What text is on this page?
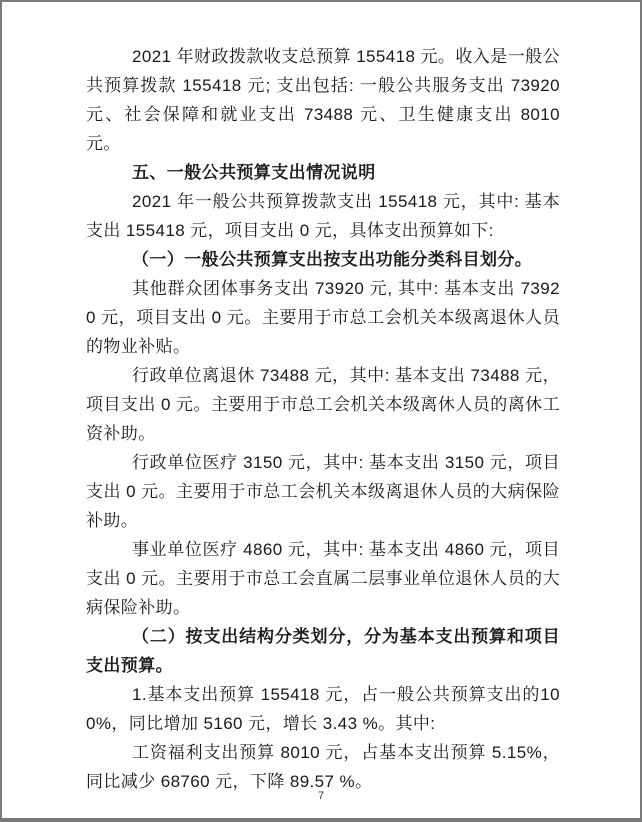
2021 年财政拨款收支总预算 155418 元。收入是一般公共预算拨款 155418 元; 支出包括: 一般公共服务支出 73920 元、社会保障和就业支出 73488 元、卫生健康支出 8010 元。

五、一般公共预算支出情况说明

2021 年一般公共预算拨款支出 155418 元，其中: 基本支出 155418 元，项目支出 0 元，具体支出预算如下:

（一）一般公共预算支出按支出功能分类科目划分。

其他群众团体事务支出 73920 元, 其中: 基本支出 73920 元，项目支出 0 元。主要用于市总工会机关本级离退休人员的物业补贴。

行政单位离退休 73488 元，其中: 基本支出 73488 元，项目支出 0 元。主要用于市总工会机关本级离休人员的离休工资补助。

行政单位医疗 3150 元，其中: 基本支出 3150 元，项目支出 0 元。主要用于市总工会机关本级离退休人员的大病保险补助。

事业单位医疗 4860 元，其中: 基本支出 4860 元，项目支出 0 元。主要用于市总工会直属二层事业单位退休人员的大病保险补助。

（二）按支出结构分类划分，分为基本支出预算和项目支出预算。

1.基本支出预算 155418 元，占一般公共预算支出的100%，同比增加 5160 元，增长 3.43 %。其中:

工资福利支出预算 8010 元，占基本支出预算 5.15%，同比减少 68760 元，下降 89.57 %。

7
